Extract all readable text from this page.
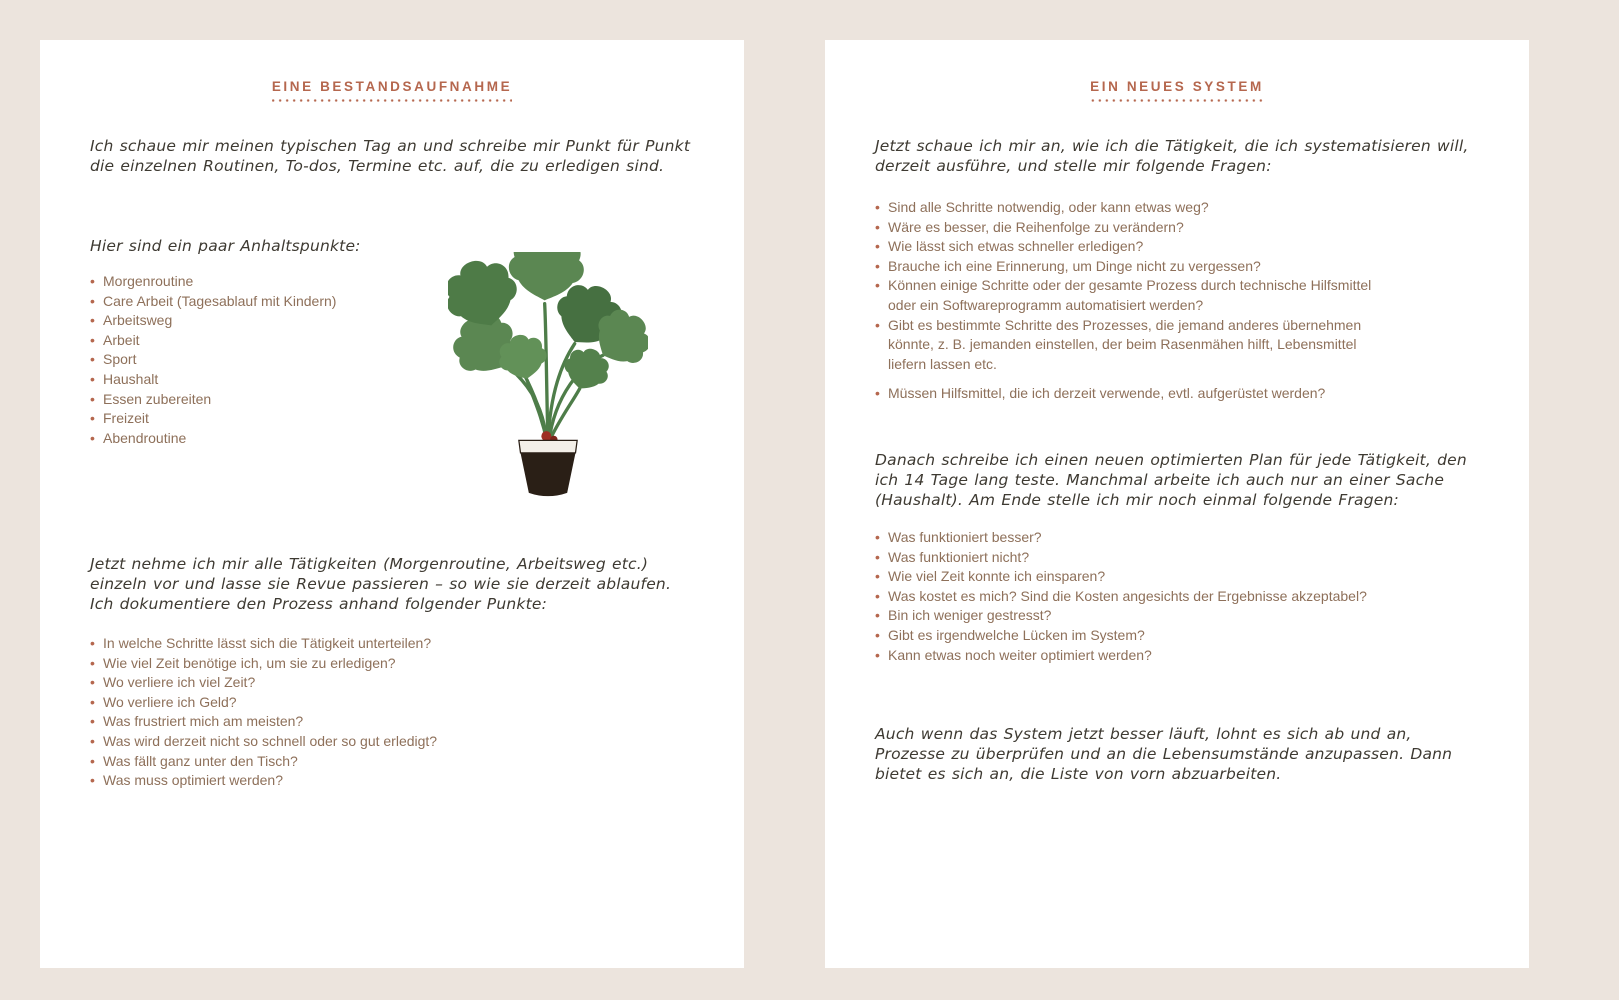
EINE BESTANDSAUFNAHME

Ich schaue mir meinen typischen Tag an und schreibe mir Punkt für Punkt die einzelnen Routinen, To-dos, Termine etc. auf, die zu erledigen sind.

Hier sind ein paar Anhaltspunkte:

• Morgenroutine
• Care Arbeit (Tagesablauf mit Kindern)
• Arbeitsweg
• Arbeit
• Sport
• Haushalt
• Essen zubereiten
• Freizeit
• Abendroutine

Jetzt nehme ich mir alle Tätigkeiten (Morgenroutine, Arbeitsweg etc.) einzeln vor und lasse sie Revue passieren – so wie sie derzeit ablaufen. Ich dokumentiere den Prozess anhand folgender Punkte:

• In welche Schritte lässt sich die Tätigkeit unterteilen?
• Wie viel Zeit benötige ich, um sie zu erledigen?
• Wo verliere ich viel Zeit?
• Wo verliere ich Geld?
• Was frustriert mich am meisten?
• Was wird derzeit nicht so schnell oder so gut erledigt?
• Was fällt ganz unter den Tisch?
• Was muss optimiert werden?
EIN NEUES SYSTEM

Jetzt schaue ich mir an, wie ich die Tätigkeit, die ich systematisieren will, derzeit ausführe, und stelle mir folgende Fragen:

• Sind alle Schritte notwendig, oder kann etwas weg?
• Wäre es besser, die Reihenfolge zu verändern?
• Wie lässt sich etwas schneller erledigen?
• Brauche ich eine Erinnerung, um Dinge nicht zu vergessen?
• Können einige Schritte oder der gesamte Prozess durch technische Hilfsmittel oder ein Softwareprogramm automatisiert werden?
• Gibt es bestimmte Schritte des Prozesses, die jemand anderes übernehmen könnte, z. B. jemanden einstellen, der beim Rasenmähen hilft, Lebensmittel liefern lassen etc.
• Müssen Hilfsmittel, die ich derzeit verwende, evtl. aufgerüstet werden?

Danach schreibe ich einen neuen optimierten Plan für jede Tätigkeit, den ich 14 Tage lang teste. Manchmal arbeite ich auch nur an einer Sache (Haushalt). Am Ende stelle ich mir noch einmal folgende Fragen:

• Was funktioniert besser?
• Was funktioniert nicht?
• Wie viel Zeit konnte ich einsparen?
• Was kostet es mich? Sind die Kosten angesichts der Ergebnisse akzeptabel?
• Bin ich weniger gestresst?
• Gibt es irgendwelche Lücken im System?
• Kann etwas noch weiter optimiert werden?

Auch wenn das System jetzt besser läuft, lohnt es sich ab und an, Prozesse zu überprüfen und an die Lebensumstände anzupassen. Dann bietet es sich an, die Liste von vorn abzuarbeiten.
